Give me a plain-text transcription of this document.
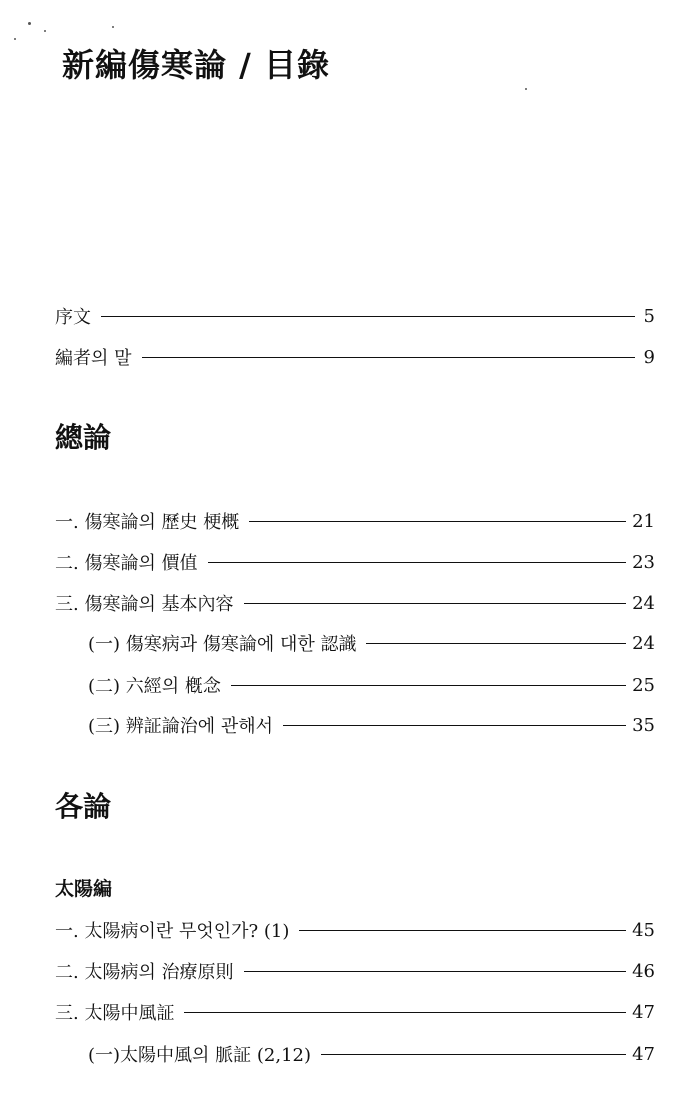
新編傷寒論 / 目錄
序文	5
編者의 말	9
總論
一. 傷寒論의 歷史 梗概	21
二. 傷寒論의 價值	23
三. 傷寒論의 基本內容	24
(一) 傷寒病과 傷寒論에 대한 認識	24
(二) 六經의 槪念	25
(三) 辨証論治에 관해서	35
各論
太陽編
一. 太陽病이란 무엇인가? (1)	45
二. 太陽病의 治療原則	46
三. 太陽中風証	47
(一)太陽中風의 脈証 (2,12)	47
